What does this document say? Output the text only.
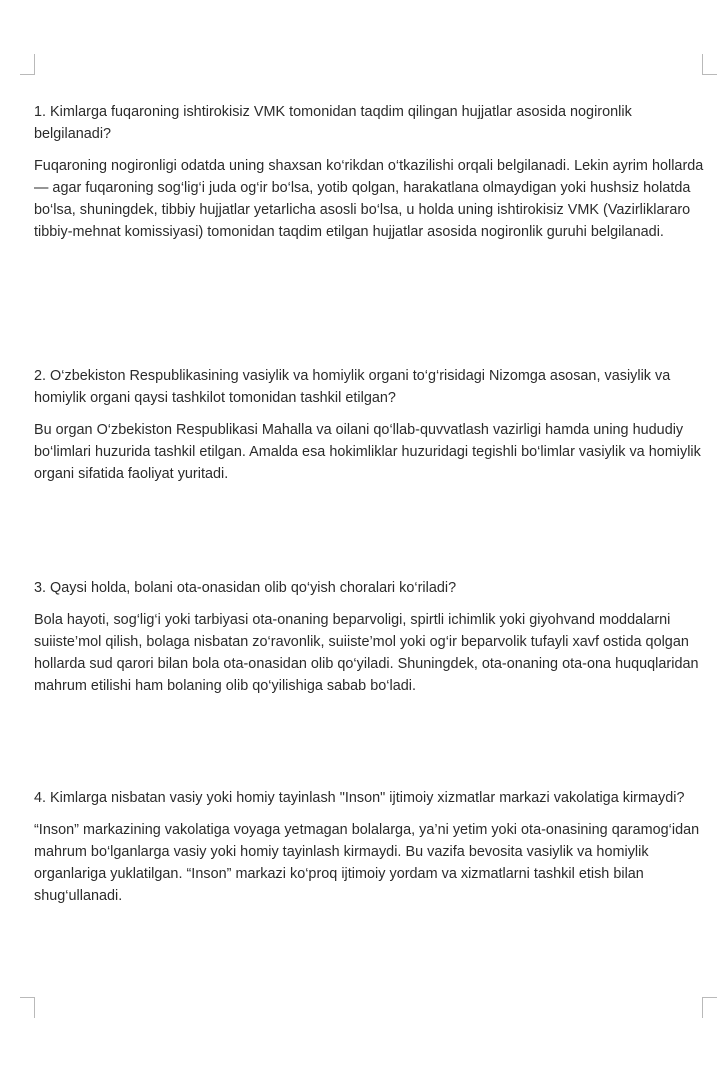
1. Kimlarga fuqaroning ishtirokisiz VMK tomonidan taqdim qilingan hujjatlar asosida nogironlik belgilanadi?

Fuqaroning nogironligi odatda uning shaxsan ko‘rikdan o‘tkazilishi orqali belgilanadi. Lekin ayrim hollarda — agar fuqaroning sog‘lig‘i juda og‘ir bo‘lsa, yotib qolgan, harakatlana olmaydigan yoki hushsiz holatda bo‘lsa, shuningdek, tibbiy hujjatlar yetarlicha asosli bo‘lsa, u holda uning ishtirokisiz VMK (Vazirliklararo tibbiy-mehnat komissiyasi) tomonidan taqdim etilgan hujjatlar asosida nogironlik guruhi belgilanadi.

2. O‘zbekiston Respublikasining vasiylik va homiylik organi to‘g‘risidagi Nizomga asosan, vasiylik va homiylik organi qaysi tashkilot tomonidan tashkil etilgan?

Bu organ O‘zbekiston Respublikasi Mahalla va oilani qo‘llab-quvvatlash vazirligi hamda uning hududiy bo‘limlari huzurida tashkil etilgan. Amalda esa hokimliklar huzuridagi tegishli bo‘limlar vasiylik va homiylik organi sifatida faoliyat yuritadi.

3. Qaysi holda, bolani ota-onasidan olib qo‘yish choralari ko‘riladi?

Bola hayoti, sog‘lig‘i yoki tarbiyasi ota-onaning beparvoligi, spirtli ichimlik yoki giyohvand moddalarni suiiste’mol qilish, bolaga nisbatan zo‘ravonlik, suiiste’mol yoki og‘ir beparvolik tufayli xavf ostida qolgan hollarda sud qarori bilan bola ota-onasidan olib qo‘yiladi. Shuningdek, ota-onaning ota-ona huquqlaridan mahrum etilishi ham bolaning olib qo‘yilishiga sabab bo‘ladi.

4. Kimlarga nisbatan vasiy yoki homiy tayinlash "Inson" ijtimoiy xizmatlar markazi vakolatiga kirmaydi?

“Inson” markazining vakolatiga voyaga yetmagan bolalarga, ya’ni yetim yoki ota-onasining qaramog‘idan mahrum bo‘lganlarga vasiy yoki homiy tayinlash kirmaydi. Bu vazifa bevosita vasiylik va homiylik organlariga yuklatilgan. “Inson” markazi ko‘proq ijtimoiy yordam va xizmatlarni tashkil etish bilan shug‘ullanadi.
